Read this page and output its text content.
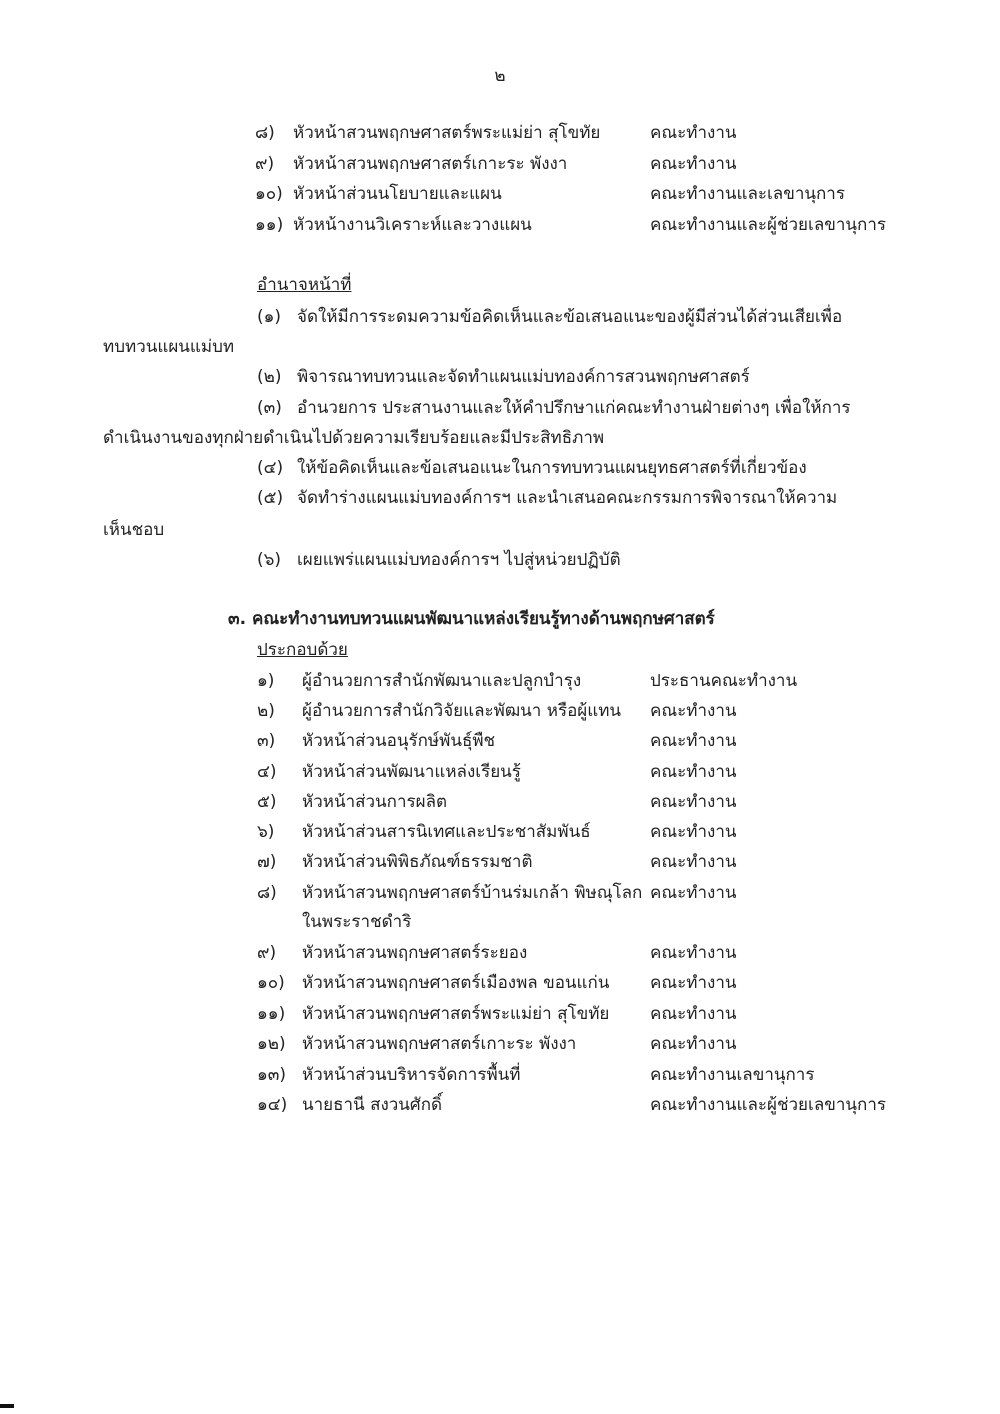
๒
๘) หัวหน้าสวนพฤกษศาสตร์พระแม่ย่า สุโขทัย	คณะทำงาน
๙) หัวหน้าสวนพฤกษศาสตร์เกาะระ พังงา	คณะทำงาน
๑๐) หัวหน้าส่วนนโยบายและแผน	คณะทำงานและเลขานุการ
๑๑) หัวหน้างานวิเคราะห์และวางแผน	คณะทำงานและผู้ช่วยเลขานุการ
อำนาจหน้าที่
(๑) จัดให้มีการระดมความข้อคิดเห็นและข้อเสนอแนะของผู้มีส่วนได้ส่วนเสียเพื่อ
ทบทวนแผนแม่บท
(๒) พิจารณาทบทวนและจัดทำแผนแม่บทองค์การสวนพฤกษศาสตร์
(๓) อำนวยการ ประสานงานและให้คำปรึกษาแก่คณะทำงานฝ่ายต่างๆ เพื่อให้การ
ดำเนินงานของทุกฝ่ายดำเนินไปด้วยความเรียบร้อยและมีประสิทธิภาพ
(๔) ให้ข้อคิดเห็นและข้อเสนอแนะในการทบทวนแผนยุทธศาสตร์ที่เกี่ยวข้อง
(๕) จัดทำร่างแผนแม่บทองค์การฯ และนำเสนอคณะกรรมการพิจารณาให้ความ
เห็นชอบ
(๖) เผยแพร่แผนแม่บทองค์การฯ ไปสู่หน่วยปฏิบัติ
๓. คณะทำงานทบทวนแผนพัฒนาแหล่งเรียนรู้ทางด้านพฤกษศาสตร์
ประกอบด้วย
๑) ผู้อำนวยการสำนักพัฒนาและปลูกบำรุง	ประธานคณะทำงาน
๒) ผู้อำนวยการสำนักวิจัยและพัฒนา หรือผู้แทน คณะทำงาน
๓) หัวหน้าส่วนอนุรักษ์พันธุ์พืช	คณะทำงาน
๔) หัวหน้าส่วนพัฒนาแหล่งเรียนรู้	คณะทำงาน
๕) หัวหน้าส่วนการผลิต	คณะทำงาน
๖) หัวหน้าส่วนสารนิเทศและประชาสัมพันธ์	คณะทำงาน
๗) หัวหน้าส่วนพิพิธภัณฑ์ธรรมชาติ	คณะทำงาน
๘) หัวหน้าสวนพฤกษศาสตร์บ้านร่มเกล้า พิษณุโลก คณะทำงาน
ในพระราชดำริ
๙) หัวหน้าสวนพฤกษศาสตร์ระยอง	คณะทำงาน
๑๐) หัวหน้าสวนพฤกษศาสตร์เมืองพล ขอนแก่น คณะทำงาน
๑๑) หัวหน้าสวนพฤกษศาสตร์พระแม่ย่า สุโขทัย คณะทำงาน
๑๒) หัวหน้าสวนพฤกษศาสตร์เกาะระ พังงา	คณะทำงาน
๑๓) หัวหน้าส่วนบริหารจัดการพื้นที่	คณะทำงานเลขานุการ
๑๔) นายธานี สงวนศักดิ์	คณะทำงานและผู้ช่วยเลขานุการ
